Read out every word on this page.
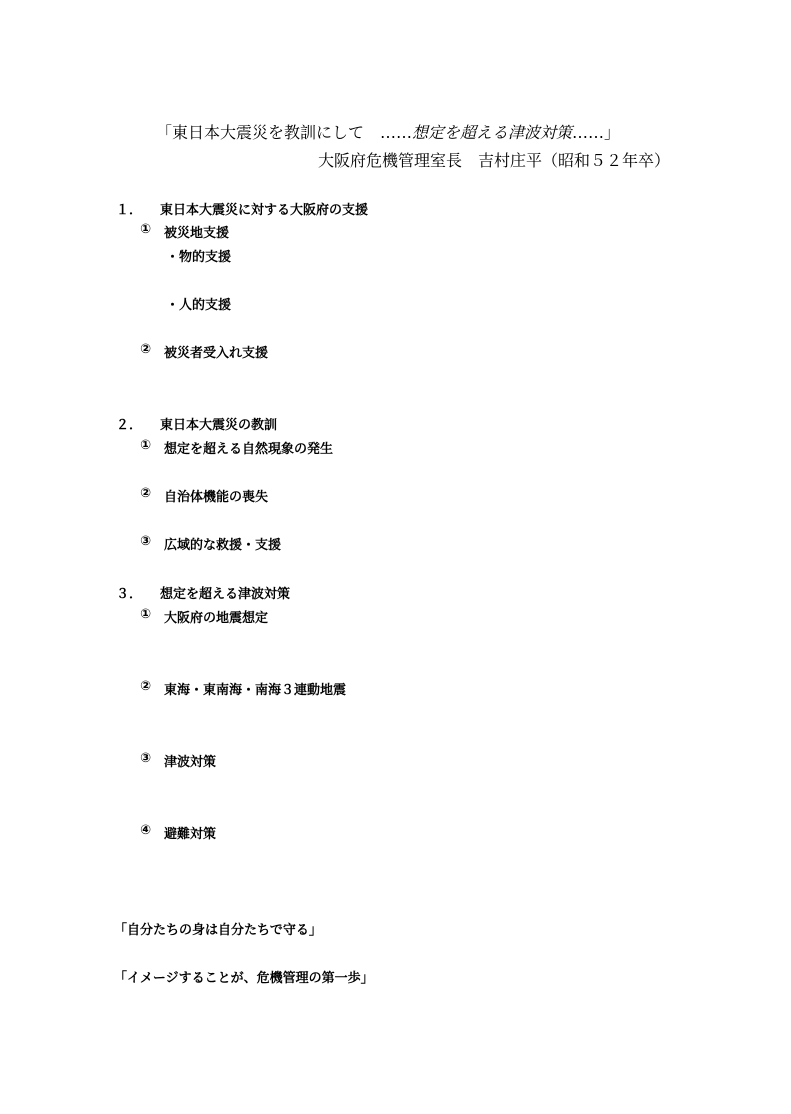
「東日本大震災を教訓にして　……想定を超える津波対策……」
大阪府危機管理室長　吉村庄平（昭和５２年卒）
１． 東日本大震災に対する大阪府の支援
① 被災地支援
・物的支援
・人的支援
② 被災者受入れ支援
２． 東日本大震災の教訓
① 想定を超える自然現象の発生
② 自治体機能の喪失
③ 広域的な救援・支援
３． 想定を超える津波対策
① 大阪府の地震想定
② 東海・東南海・南海３連動地震
③ 津波対策
④ 避難対策
「自分たちの身は自分たちで守る」
「イメージすることが、危機管理の第一歩」
